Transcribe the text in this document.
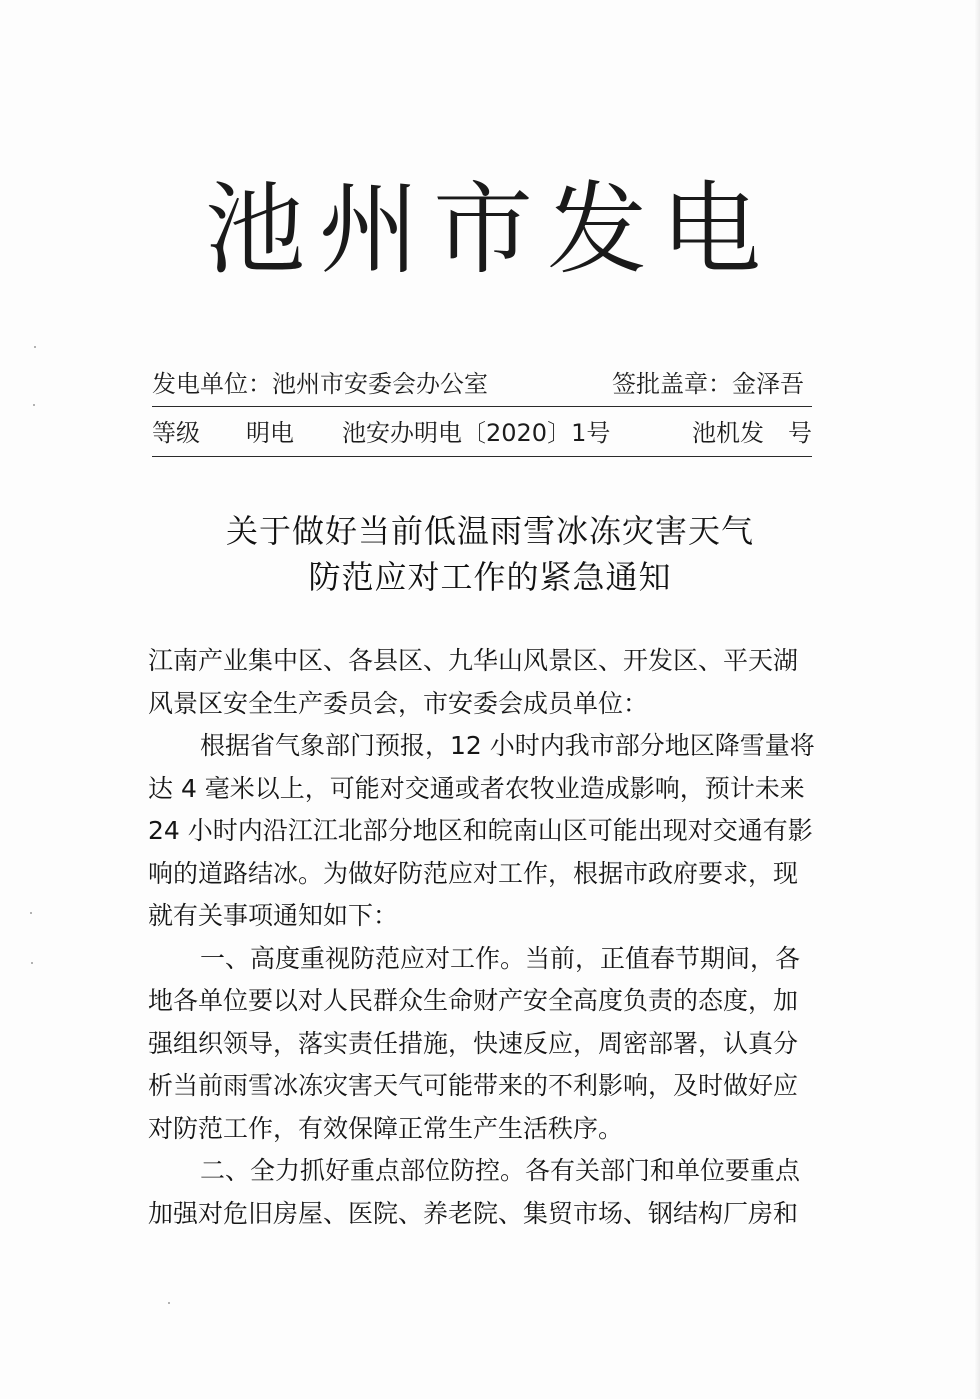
池州市发电
发电单位：池州市安委会办公室	签批盖章：金泽吾
等级 明电 池安办明电〔2020〕1号	池机发　号
关于做好当前低温雨雪冰冻灾害天气
防范应对工作的紧急通知
江南产业集中区、各县区、九华山风景区、开发区、平天湖
风景区安全生产委员会，市安委会成员单位：
根据省气象部门预报，12 小时内我市部分地区降雪量将
达 4 毫米以上，可能对交通或者农牧业造成影响，预计未来
24 小时内沿江江北部分地区和皖南山区可能出现对交通有影
响的道路结冰。为做好防范应对工作，根据市政府要求，现
就有关事项通知如下：
一、高度重视防范应对工作。当前，正值春节期间，各
地各单位要以对人民群众生命财产安全高度负责的态度，加
强组织领导，落实责任措施，快速反应，周密部署，认真分
析当前雨雪冰冻灾害天气可能带来的不利影响，及时做好应
对防范工作，有效保障正常生产生活秩序。
二、全力抓好重点部位防控。各有关部门和单位要重点
加强对危旧房屋、医院、养老院、集贸市场、钢结构厂房和
